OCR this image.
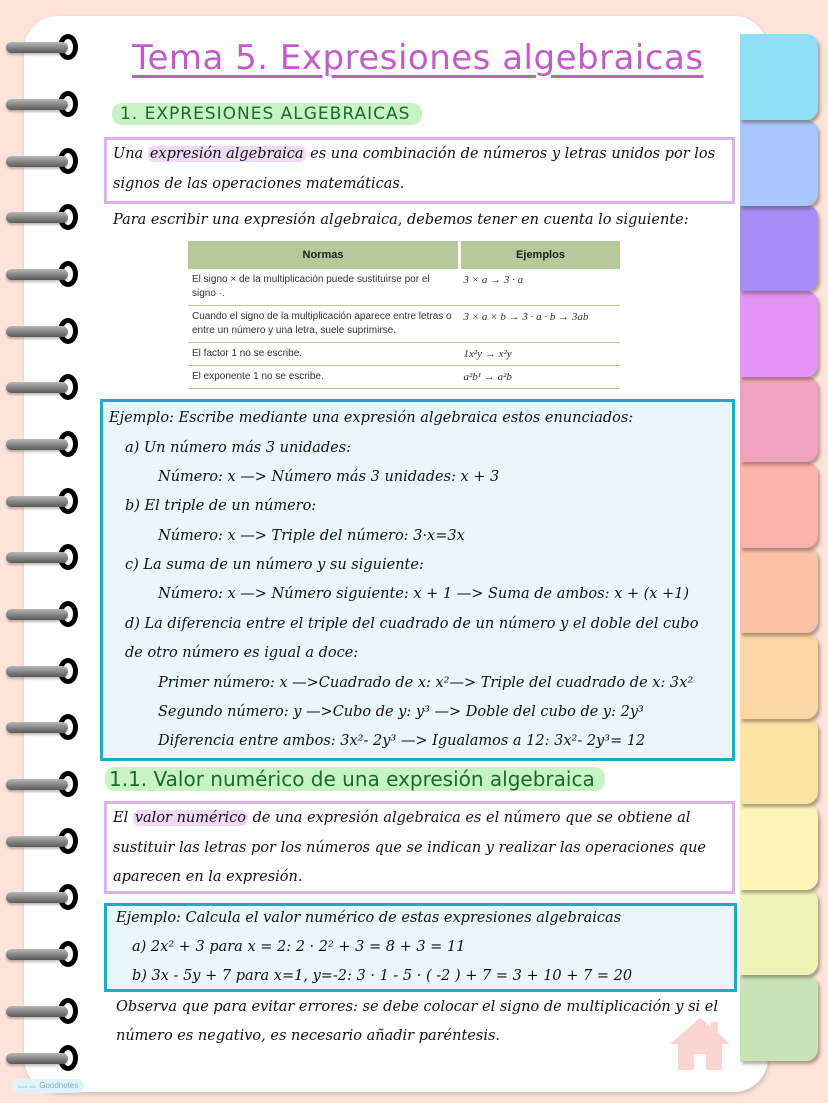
Tema 5. Expresiones algebraicas
1. EXPRESIONES ALGEBRAICAS
Una expresión algebraica es una combinación de números y letras unidos por los
signos de las operaciones matemáticas.
Para escribir una expresión algebraica, debemos tener en cuenta lo siguiente:
Normas	Ejemplos
El signo × de la multiplicación puede sustituirse por el signo ·.	3 × a → 3 · a
Cuando el signo de la multiplicación aparece entre letras o entre un número y una letra, suele suprimirse.	3 × a × b → 3 · a · b → 3ab
El factor 1 no se escribe.	1x²y → x²y
El exponente 1 no se escribe.	a²b¹ → a²b
Ejemplo: Escribe mediante una expresión algebraica estos enunciados:
a) Un número más 3 unidades:
Número: x —> Número más 3 unidades: x + 3
b) El triple de un número:
Número: x —> Triple del número: 3·x=3x
c) La suma de un número y su siguiente:
Número: x —> Número siguiente: x + 1 —> Suma de ambos: x + (x +1)
d) La diferencia entre el triple del cuadrado de un número y el doble del cubo
de otro número es igual a doce:
Primer número: x —>Cuadrado de x: x²—> Triple del cuadrado de x: 3x²
Segundo número: y —>Cubo de y: y³ —> Doble del cubo de y: 2y³
Diferencia entre ambos: 3x²- 2y³ —> Igualamos a 12: 3x²- 2y³= 12
1.1. Valor numérico de una expresión algebraica
El valor numérico de una expresión algebraica es el número que se obtiene al
sustituir las letras por los números que se indican y realizar las operaciones que
aparecen en la expresión.
Ejemplo: Calcula el valor numérico de estas expresiones algebraicas
a) 2x² + 3 para x = 2: 2 · 2² + 3 = 8 + 3 = 11
b) 3x - 5y + 7 para x=1, y=-2: 3 · 1 - 5 · ( -2 ) + 7 = 3 + 10 + 7 = 20
Observa que para evitar errores: se debe colocar el signo de multiplicación y si el
número es negativo, es necesario añadir paréntesis.
Made with Goodnotes
